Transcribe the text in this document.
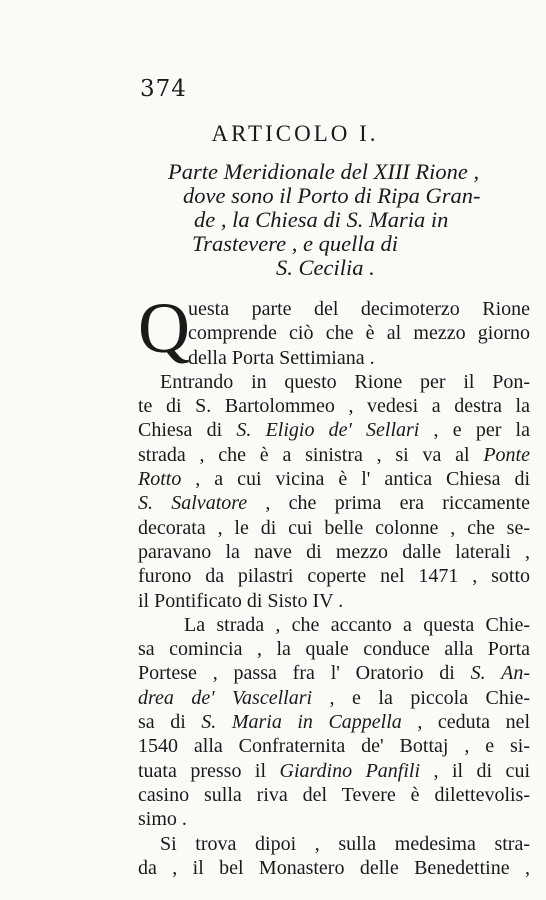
374
ARTICOLO I.
Parte Meridionale del XIII Rione ,
dove sono il Porto di Ripa Gran-
de , la Chiesa di S. Maria in
Trastevere , e quella di
S. Cecilia .
Q
uesta parte del decimoterzo Rione
comprende ciò che è al mezzo giorno
della Porta Settimiana .
Entrando in questo Rione per il Pon-
te di S. Bartolommeo , vedesi a destra la
Chiesa di S. Eligio de' Sellari , e per la
strada , che è a sinistra , si va al Ponte
Rotto , a cui vicina è l' antica Chiesa di
S. Salvatore , che prima era riccamente
decorata , le di cui belle colonne , che se-
paravano la nave di mezzo dalle laterali ,
furono da pilastri coperte nel 1471 , sotto
il Pontificato di Sisto IV .
La strada , che accanto a questa Chie-
sa comincia , la quale conduce alla Porta
Portese , passa fra l' Oratorio di S. An-
drea de' Vascellari , e la piccola Chie-
sa di S. Maria in Cappella , ceduta nel
1540 alla Confraternita de' Bottaj , e si-
tuata presso il Giardino Panfili , il di cui
casino sulla riva del Tevere è dilettevolis-
simo .
Si trova dipoi , sulla medesima stra-
da , il bel Monastero delle Benedettine ,
